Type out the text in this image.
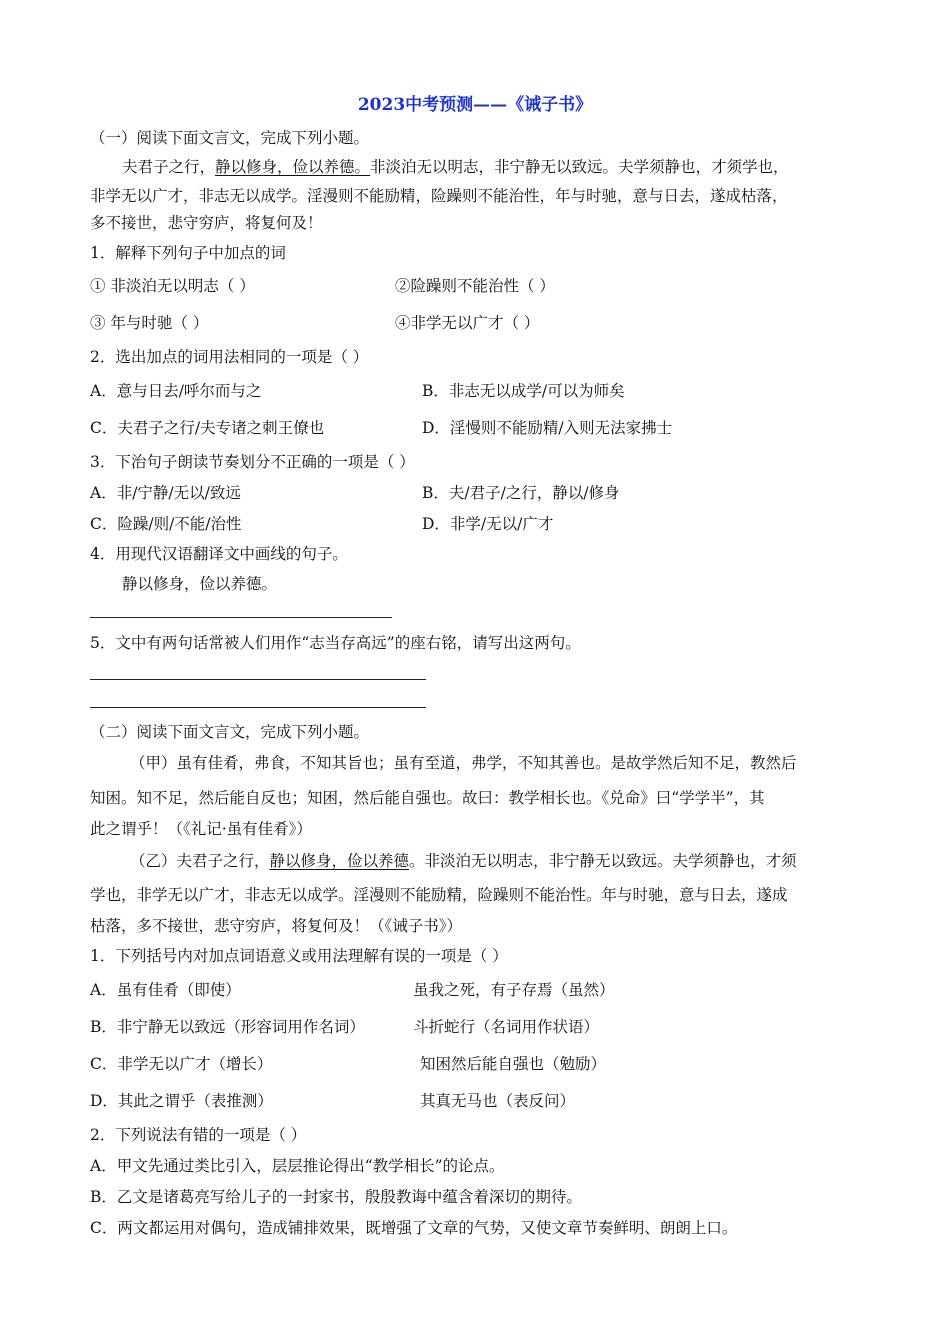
2023中考预测——《诫子书》
（一）阅读下面文言文，完成下列小题。
夫君子之行，静以修身，俭以养德。非淡泊无以明志，非宁静无以致远。夫学须静也，才须学也，
非学无以广才，非志无以成学。淫漫则不能励精，险躁则不能治性，年与时驰，意与日去，遂成枯落，
多不接世，悲守穷庐，将复何及！
1．解释下列句子中加点的词
① 非淡泊无以明志（ ）	②险躁则不能治性（ ）
③ 年与时驰（ ）	④非学无以广才（ ）
2．选出加点的词用法相同的一项是（ ）
A．意与日去/呼尔而与之	B．非志无以成学/可以为师矣
C．夫君子之行/夫专诸之刺王僚也	D．淫慢则不能励精/入则无法家拂士
3．下治句子朗读节奏划分不正确的一项是（ ）
A．非/宁静/无以/致远	B．夫/君子/之行，静以/修身
C．险躁/则/不能/治性	D．非学/无以/广才
4．用现代汉语翻译文中画线的句子。
静以修身，俭以养德。
5．文中有两句话常被人们用作“志当存高远”的座右铭，请写出这两句。
（二）阅读下面文言文，完成下列小题。
（甲）虽有佳肴，弗食，不知其旨也；虽有至道，弗学，不知其善也。是故学然后知不足，教然后
知困。知不足，然后能自反也；知困，然后能自强也。故曰：教学相长也。《兑命》曰“学学半”，其
此之谓乎！（《礼记·虽有佳肴》）
（乙）夫君子之行，静以修身，俭以养德。非淡泊无以明志，非宁静无以致远。夫学须静也，才须
学也，非学无以广才，非志无以成学。淫漫则不能励精，险躁则不能治性。年与时驰，意与日去，遂成
枯落，多不接世，悲守穷庐，将复何及！（《诫子书》）
1．下列括号内对加点词语意义或用法理解有误的一项是（ ）
A．虽有佳肴（即使）	虽我之死，有子存焉（虽然）
B．非宁静无以致远（形容词用作名词）	斗折蛇行（名词用作状语）
C．非学无以广才（增长）	知困然后能自强也（勉励）
D．其此之谓乎（表推测）	其真无马也（表反问）
2．下列说法有错的一项是（ ）
A．甲文先通过类比引入，层层推论得出“教学相长”的论点。
B．乙文是诸葛亮写给儿子的一封家书，殷殷教诲中蕴含着深切的期待。
C．两文都运用对偶句，造成铺排效果，既增强了文章的气势，又使文章节奏鲜明、朗朗上口。
